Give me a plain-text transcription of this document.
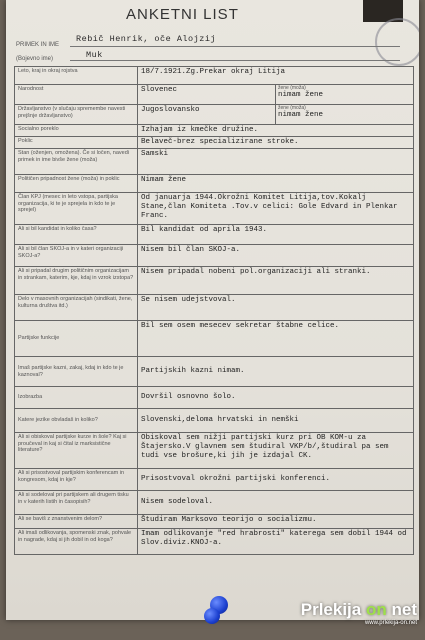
ANKETNI LIST
PRIMEK IN IME
Rebič Henrik, oče Alojzij
(Bojevno ime)	Muk
Leto, kraj in okraj rojstva	18/7.1921.Zg.Prekar okraj Litija	
Narodnost	Slovenec	žene (moža)
nimam žene

Državljanstvo (v slučaju spremembe navesti prejšnje državljanstvo)	Jugoslovansko	žene (moža)
nimam žene

Socialno poreklo	Izhajam iz kmečke družine.	
Poklic	Belaveč-brez specializirane stroke.	
Stan (oženjen, omožena). Če si ločen, navedi primek in ime bivše žene (moža)	Samski	
Političen pripadnost žene (moža) in poklic	Nimam žene	
Član KPJ (mesec in leto vstopa, partijska organizacija, ki te je sprejela in kdo te je sprejel)	Od januarja 1944.Okrožni Komitet Litija,tov.Kokalj Stane,član Komiteta .Tov.v celici: Gole Edvard in Plenkar Franc.	
Ali si bil kandidat in koliko časa?	Bil kandidat od aprila 1943.	
Ali si bil član SKOJ-a in v kateri organizaciji SKOJ-a?	Nisem bil član SKOJ-a.	
Ali si pripadal drugim političnim organizacijam in strankam, katerim, kje, kdaj in vzrok izstopa?	Nisem pripadal nobeni pol.organizaciji ali stranki.	
Delo v masovnih organizacijah (sindikati, žene, kulturna društva itd.)	Se nisem udejstvoval.	
Partijske funkcije	Bil sem osem mesecev sekretar štabne celice.	
Imaš partijske kazni, zakaj, kdaj in kdo te je kaznoval?	Partijskih kazni nimam.	
Izobrazba	Dovršil osnovno šolo.	
Katere jezike obvladaš in koliko?	Slovenski,deloma hrvatski in nemški	
Ali si obiskoval partijske kurze in šole? Kaj si proučeval in kaj si čital iz marksistične literature?	Obiskoval sem nižji partijski kurz pri OB KOM-u za Štajersko.V glavnem sem študiral VKP/b/,študiral pa sem tudi vse brošure,ki jih je izdajal CK.	
Ali si prisostvoval partijskim konferencam in kongresom, kdaj in kje?	Prisostvoval okrožni partijski konferenci.	
Ali si sodeloval pri partijskem ali drugem tisku in v katerih listih in časopisih?	Nisem sodeloval.	
Ali se baviš z znanstvenim delom?	Študiram Marksovo teorijo o socializmu.	
Ali imaš odlikovanja, spomenski znak, pohvale in nagrade, kdaj si jih dobil in od koga?	Imam odlikovanje "red hrabrosti" katerega sem dobil 1944 od Slov.diviz.KNOJ-a.	
Prlekija on net
www.prlekija-on.net
